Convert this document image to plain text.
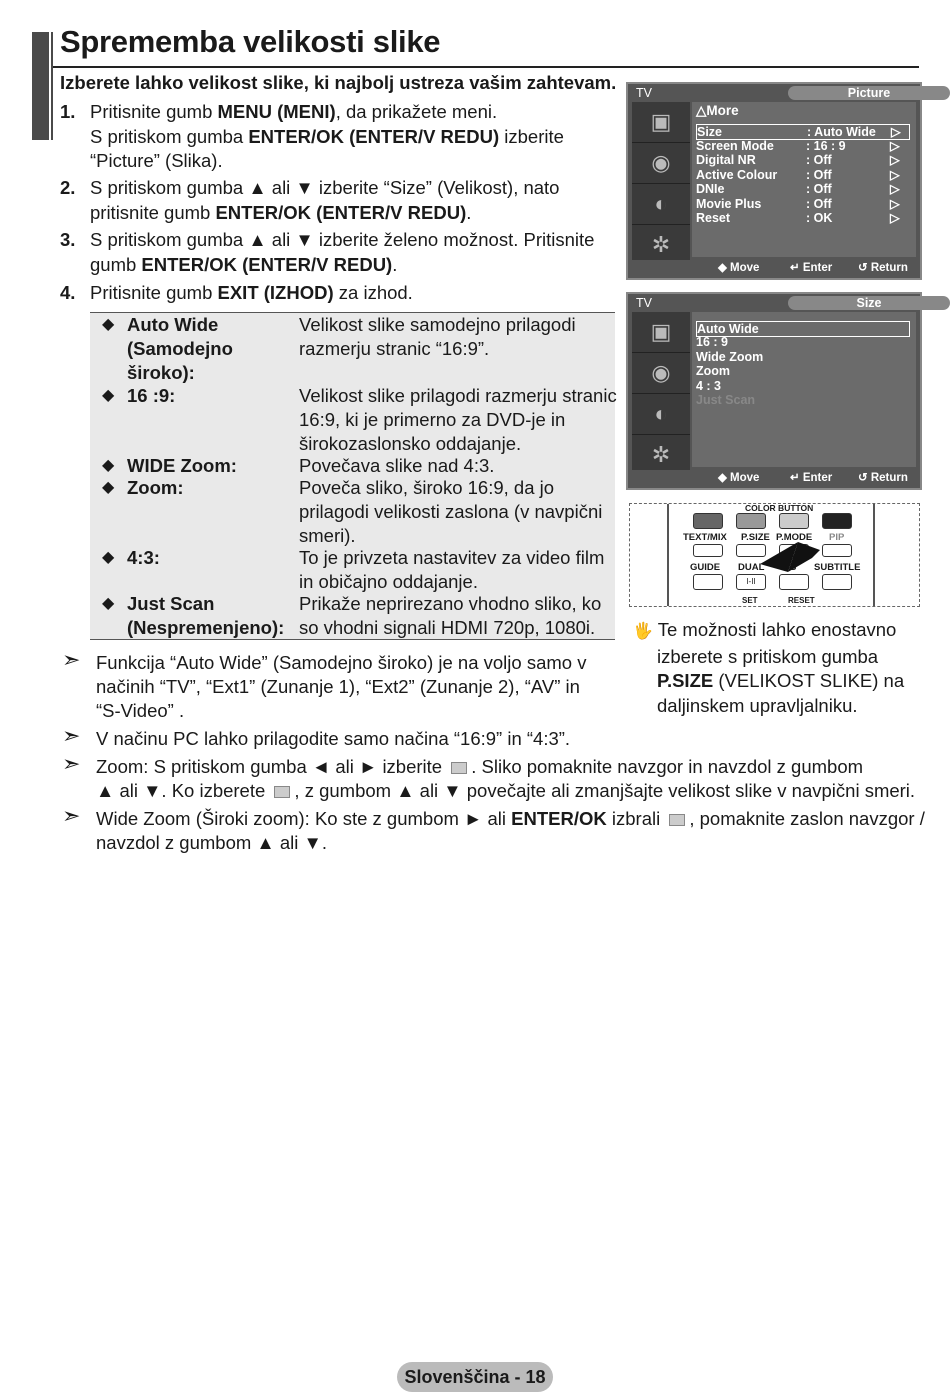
Sprememba velikosti slike
Izberete lahko velikost slike, ki najbolj ustreza vašim zahtevam.
1. Pritisnite gumb MENU (MENI), da prikažete meni.
S pritiskom gumba ENTER/OK (ENTER/V REDU) izberite
“Picture” (Slika).
2. S pritiskom gumba ▲ ali ▼ izberite “Size” (Velikost), nato
pritisnite gumb ENTER/OK (ENTER/V REDU).
3. S pritiskom gumba ▲ ali ▼ izberite želeno možnost. Pritisnite
gumb ENTER/OK (ENTER/V REDU).
4. Pritisnite gumb EXIT (IZHOD) za izhod.
◆ Auto Wide (Samodejno široko):
Velikost slike samodejno prilagodi razmerju stranic “16:9”.
◆ 16 :9:	Velikost slike prilagodi razmerju stranic 16:9, ki je primerno za DVD-je in širokozaslonsko oddajanje.
◆ WIDE Zoom:	Povečava slike nad 4:3.
◆ Zoom:	Poveča sliko, široko 16:9, da jo prilagodi velikosti zaslona (v navpični smeri).
◆ 4:3:	To je privzeta nastavitev za video film in običajno oddajanje.
◆ Just Scan (Nespremenjeno):
Prikaže neprirezano vhodno sliko, ko so vhodni signali HDMI 720p, 1080i.
➣ Funkcija “Auto Wide” (Samodejno široko) je na voljo samo v načinih “TV”, “Ext1” (Zunanje 1), “Ext2” (Zunanje 2), “AV” in “S-Video” .
➣ V načinu PC lahko prilagodite samo načina “16:9” in “4:3”.
➣ Zoom: S pritiskom gumba ◄ ali ► izberite . Sliko pomaknite navzgor in navzdol z gumbom
▲ ali ▼. Ko izberete , z gumbom ▲ ali ▼ povečajte ali zmanjšajte velikost slike v navpični smeri.
➣ Wide Zoom (Široki zoom): Ko ste z gumbom ► ali ENTER/OK izbrali , pomaknite zaslon navzgor /
navzdol z gumbom ▲ ali ▼.
TV	Picture
▣
◉
◐
✲
△More
Size	: Auto Wide ▷
Screen Mode	: 16 : 9	▷
Digital NR	: Off	▷
Active Colour : Off	▷
DNIe	: Off	▷
Movie Plus	: Off	▷
Reset	: OK	▷
◆ Move	↵ Enter ↺ Return
TV	Size
▣
◉
◐
✲
Auto Wide
16 : 9
Wide Zoom
Zoom
4 : 3
Just Scan
◆ Move	↵ Enter ↺ Return
COLOR BUTTON
TEXT/MIX P.SIZE P.MODE PIP
GUIDE DUAL	SUBTITLE
I-II
SET	RESET
🖐 Te možnosti lahko enostavno
izberete s pritiskom gumba
P.SIZE (VELIKOST SLIKE) na
daljinskem upravljalniku.
Slovenščina - 18
